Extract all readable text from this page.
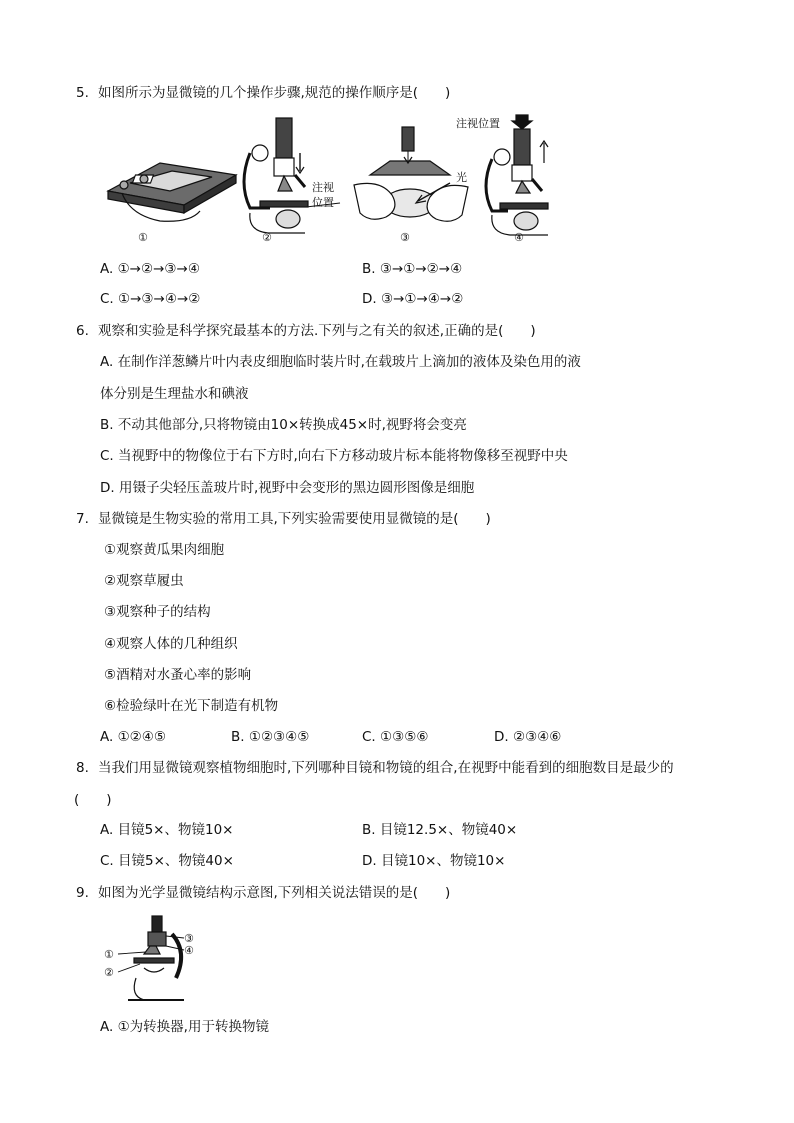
5. 如图所示为显微镜的几个操作步骤,规范的操作顺序是(　　)
①
注视
位置
②
光
③
注视位置
④
A. ①→②→③→④	B. ③→①→②→④
C. ①→③→④→②	D. ③→①→④→②
6. 观察和实验是科学探究最基本的方法.下列与之有关的叙述,正确的是(　　)
A. 在制作洋葱鳞片叶内表皮细胞临时装片时,在载玻片上滴加的液体及染色用的液
体分别是生理盐水和碘液
B. 不动其他部分,只将物镜由10×转换成45×时,视野将会变亮
C. 当视野中的物像位于右下方时,向右下方移动玻片标本能将物像移至视野中央
D. 用镊子尖轻压盖玻片时,视野中会变形的黑边圆形图像是细胞
7. 显微镜是生物实验的常用工具,下列实验需要使用显微镜的是(　　)
①观察黄瓜果肉细胞
②观察草履虫
③观察种子的结构
④观察人体的几种组织
⑤酒精对水蚤心率的影响
⑥检验绿叶在光下制造有机物
A. ①②④⑤	B. ①②③④⑤	C. ①③⑤⑥	D. ②③④⑥
8. 当我们用显微镜观察植物细胞时,下列哪种目镜和物镜的组合,在视野中能看到的细胞数目是最少的
(　　)
A. 目镜5×、物镜10×	B. 目镜12.5×、物镜40×
C. 目镜5×、物镜40×	D. 目镜10×、物镜10×
9. 如图为光学显微镜结构示意图,下列相关说法错误的是(　　)
①
②
③
④
A. ①为转换器,用于转换物镜
